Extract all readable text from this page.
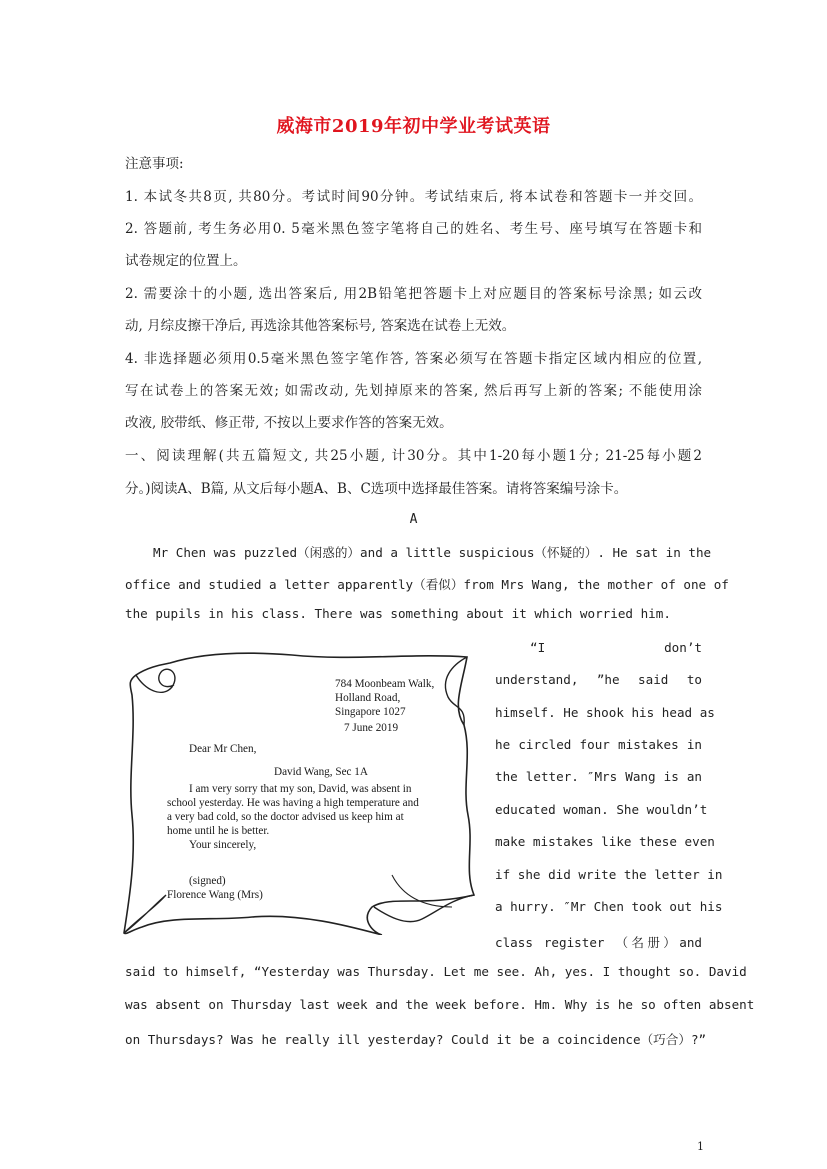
威海市2019年初中学业考试英语
注意事项:
1. 本试冬共8页, 共80分。考试时间90分钟。考试结束后, 将本试卷和答题卡一并交回。
2. 答题前, 考生务必用0. 5毫米黑色签字笔将自己的姓名、考生号、座号填写在答题卡和
试卷规定的位置上。
2. 需要涂十的小题, 选出答案后, 用2B铅笔把答题卡上对应题目的答案标号涂黑; 如云改
动, 月综皮擦干净后, 再选涂其他答案标号, 答案选在试卷上无效。
4. 非选择题必须用0.5毫米黑色签字笔作答, 答案必须写在答题卡指定区域内相应的位置,
写在试卷上的答案无效; 如需改动, 先划掉原来的答案, 然后再写上新的答案; 不能使用涂
改液, 胶带纸、修正带, 不按以上要求作答的答案无效。
一、阅读理解(共五篇短文, 共25小题, 计30分。其中1-20每小题1分; 21-25每小题2
分。)阅读A、B篇, 从文后每小题A、B、C选项中选择最佳答案。请将答案编号涂卡。
A
Mr Chen was puzzled（闲惑的）and a little suspicious（怀疑的）. He sat in the
office and studied a letter apparently（看似）from Mrs Wang, the mother of one of
the pupils in his class. There was something about it which worried him.
“I don’t
understand, ”he said to
himself. He shook his head as
he circled four mistakes in
the letter. ″Mrs Wang is an
educated woman. She wouldn’t
make mistakes like these even
if she did write the letter in
a hurry. ″Mr Chen took out his
class register （名册）and
784 Moonbeam Walk,
Holland Road,
Singapore 1027
7 June 2019
Dear Mr Chen,
David Wang, Sec 1A
I am very sorry that my son, David, was absent in
school yesterday. He was having a high temperature and
a very bad cold, so the doctor advised us keep him at
home until he is better.
Your sincerely,
(signed)
Florence Wang (Mrs)
said to himself, “Yesterday was Thursday. Let me see. Ah, yes. I thought so. David
was absent on Thursday last week and the week before. Hm. Why is he so often absent
on Thursdays? Was he really ill yesterday? Could it be a coincidence（巧合）?”
1
